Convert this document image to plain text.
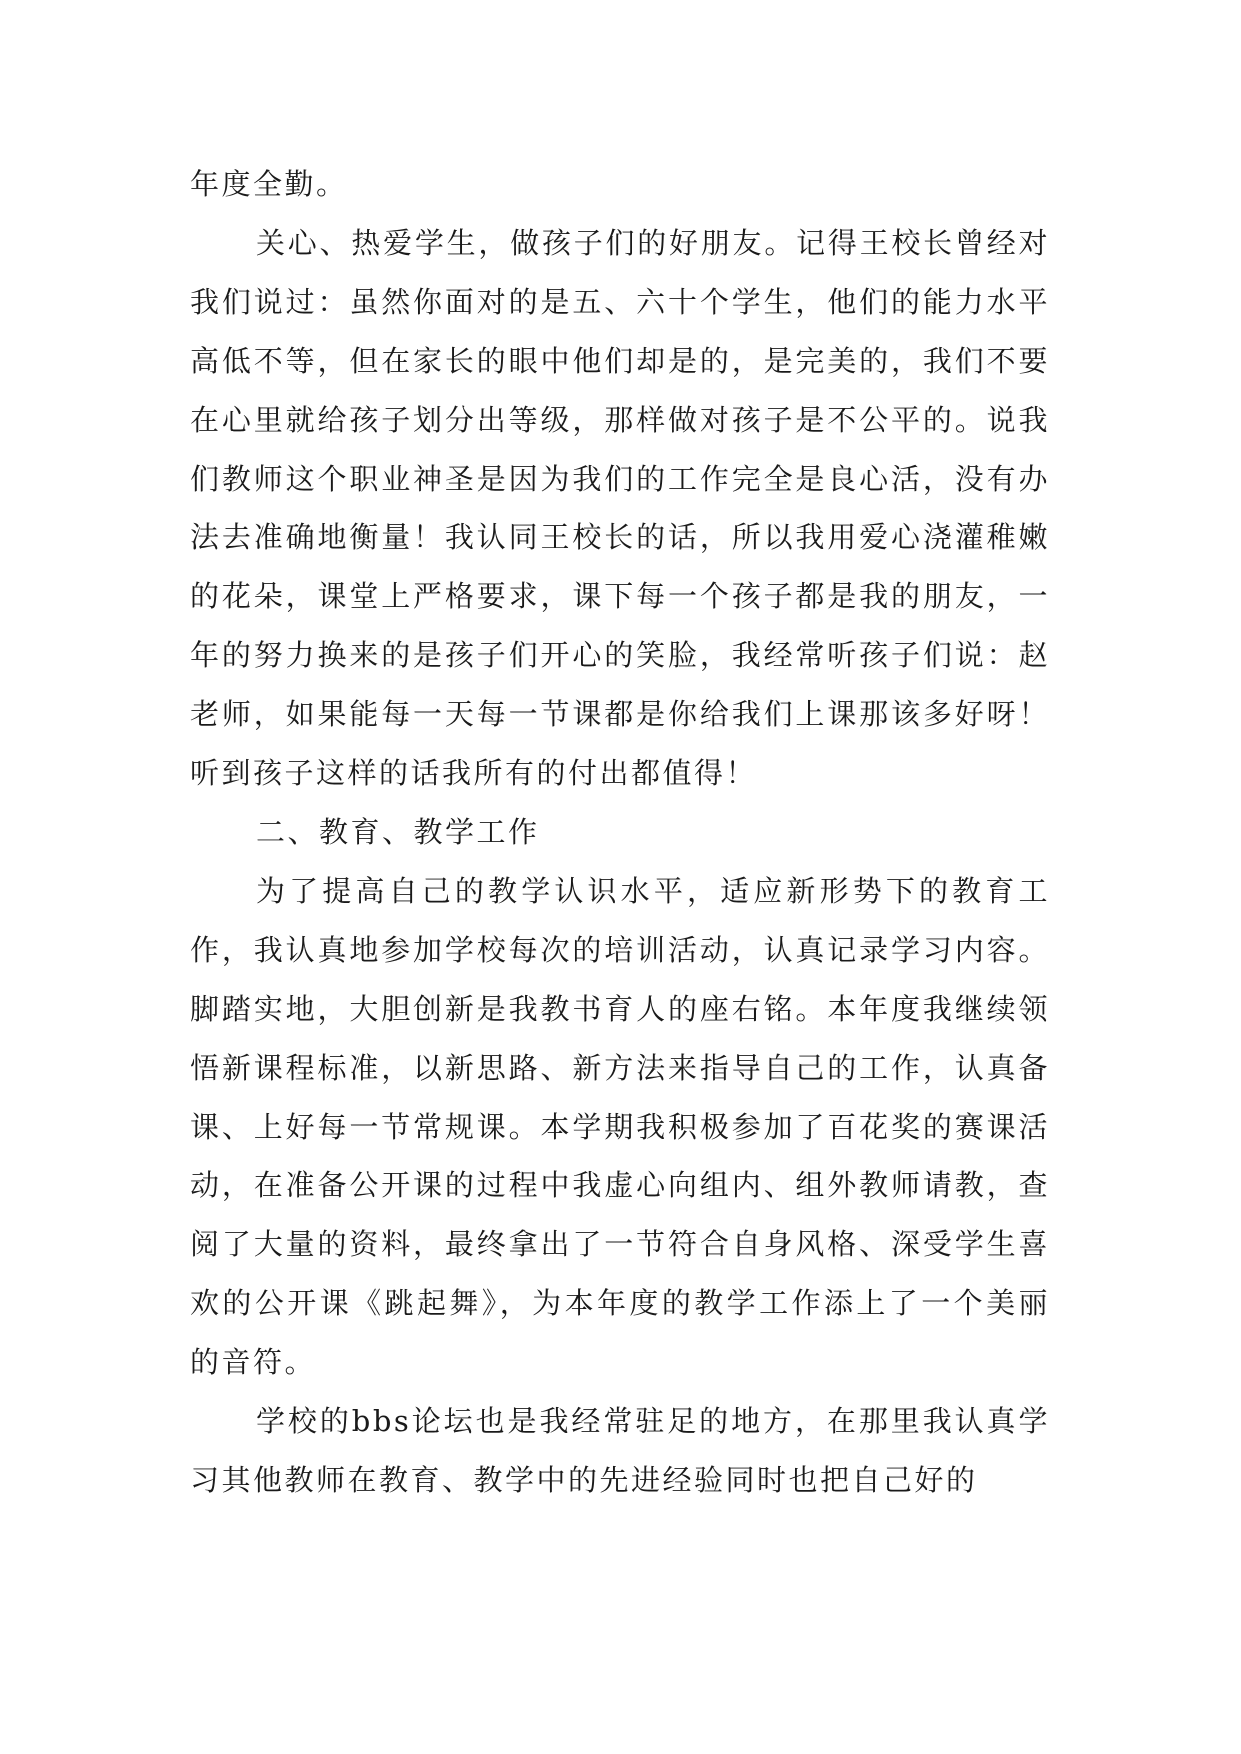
年度全勤。

关心、热爱学生，做孩子们的好朋友。记得王校长曾经对我们说过：虽然你面对的是五、六十个学生，他们的能力水平高低不等，但在家长的眼中他们却是的，是完美的，我们不要在心里就给孩子划分出等级，那样做对孩子是不公平的。说我们教师这个职业神圣是因为我们的工作完全是良心活，没有办法去准确地衡量！我认同王校长的话，所以我用爱心浇灌稚嫩的花朵，课堂上严格要求，课下每一个孩子都是我的朋友，一年的努力换来的是孩子们开心的笑脸，我经常听孩子们说：赵老师，如果能每一天每一节课都是你给我们上课那该多好呀！听到孩子这样的话我所有的付出都值得！

二、教育、教学工作

为了提高自己的教学认识水平，适应新形势下的教育工作，我认真地参加学校每次的培训活动，认真记录学习内容。脚踏实地，大胆创新是我教书育人的座右铭。本年度我继续领悟新课程标准，以新思路、新方法来指导自己的工作，认真备课、上好每一节常规课。本学期我积极参加了百花奖的赛课活动，在准备公开课的过程中我虚心向组内、组外教师请教，查阅了大量的资料，最终拿出了一节符合自身风格、深受学生喜欢的公开课《跳起舞》，为本年度的教学工作添上了一个美丽的音符。

学校的bbs论坛也是我经常驻足的地方，在那里我认真学习其他教师在教育、教学中的先进经验同时也把自己好的
